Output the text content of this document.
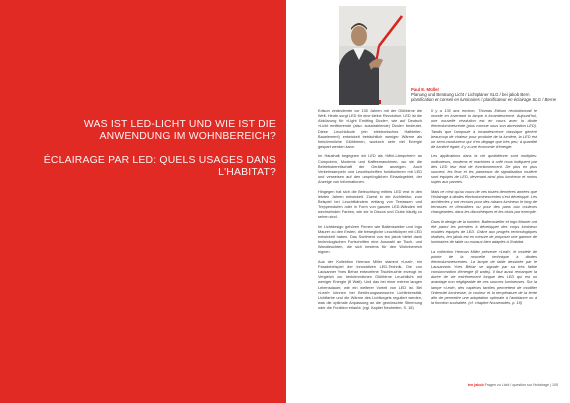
WAS IST LED-LICHT UND WIE IST DIE ANWENDUNG IM WOHNBEREICH?
ÉCLAIRAGE PAR LED: QUELS USAGES DANS L'HABITAT?
Paul E. Müller
Planung und Beratung Licht / Lichtplaner SLG / bei jakob Bern
planification et conseil en luminaires / planificateur en éclairage SLG / Berne

Edison verändernte vor 130 Jahren mit der Glühbirne die Welt. Heute sorgt LED für eine kleine Revolution. LED ist die Abkürzung für «Light Emitting Diode», wie auf Deutsch «Licht emittierende (also: ausstrahlende) Diode» bedeutet. Diese Leuchtdiode (ein elektronisches Halbleiter-Bauelement) entwickelt beträchtlich weniger Wärme als herkömmliche Glühbirnen, wodurch sehr viel Energie gespart werden kann.

Im Haushalt begegnen wir LED als «Mini-Lämpchen» an Computern, Modems und Kaffeemaschinen, wo sie die Betriebsbereitschaft der Geräte anzeigen. Auch Verkehrsampeln und Leuchtschriften funktionieren mit LED und verweisen auf den ursprünglichen Einsatzgebiet, der Anzeige von Informationen.

Hingegen hat sich die Beleuchtung mittels LED erst in den letzten Jahren entwickelt. Zuerst in der Architektur, zum Beispiel bei Leuchtbändern entlang von Terrassen und Treppenstufen oder in Form von ganzen LED-Wänden mit wechselnden Farben, wie sie in Discos und Clubs häufig zu sehen sind.

Im Lichtdesign gehören Firmen wie Baltensweiler und Ingo Maurer zu den Ersten, die bewegliche Leuchtkörper mit LED entwickelt haben. Das Sortiment von ten jakob bietet dank technologischen Fortschritten eine Auswahl an Tisch- und Wandleuchten, die sich bestens für den Wohnbereich eignen.

Aus der Kollektion Herman Miller stammt «Leaf», ein Paradebeispiel der innovativen LED-Technik. Die von Lausanner Yves Béhar entworfene Tischleuchte erzeugt im Vergleich zur herkömmlichen Glühbirne Leuchtlicht mit weniger Energie (8 Watt). Und das bei einer extrem langen Lebensdauer, wie ein weiterer Vorteil von LED ist. Bei «Leaf» können bei Berührungssensoren Lichtintensität, Lichtfarbe und die Wärme des Lichtkegels reguliert werden, was die optimale Anpassung an die gewünschte Stimmung oder die Funktion erlaubt. (vgl. Kapitel Neuheiten, S. 18)

Il y a 130 ans environ, Thomas Edison révolutionnait le monde en inventant la lampe à incandescence. Aujourd'hui, une nouvelle révolution est en cours avec la diode électroluminescente (plus connue sous son abréviation LED). Tandis que l'ampoule à incandescence classique génère beaucoup de chaleur pour produire de la lumière, la LED est un semi-conducteur qui n'en dégage que très peu; à quantité de lumière égale, il y a une économie d'énergie.

Les applications dans la vie quotidienne sont multiples: ordinateurs, modems et machines à café nous indiquent par des LED leur état de fonctionnement. De plus en plus souvent, les feux et les panneaux de signalisation routière sont équipés de LED, devenant ainsi plus lumineux et moins sujets aux pannes.

Mais ce n'est qu'au cours de ces toutes dernières années que l'éclairage à diodes électroluminescentes s'est développé. Les architectes y ont recours pour des rubans lumineux le long de terrasses et d'escaliers ou pour des pans aux couleurs changeantes, dans les discothèques et les clubs par exemple.

Dans le design de la lumière, Baltensweiler et Ingo Maurer ont été parmi les premiers à développer des corps lumineux mobiles équipés de LED. Grâce aux progrès technologiques réalisés, ten jakob est en mesure de proposer une gamme de luminaires de table ou muraux bien adaptés à l'habitat.

La collection Herman Miller présente «Leaf», le modèle de pointe de la nouvelle technique à diodes électroluminescentes. La lampe de table dessinée par le Lausannois Yves Béhar se signale par sa très faible consommation d'énergie (8 watts). Il faut aussi remarquer la durée de vie extrêmement longue des LED qui est un avantage non négligeable de ces sources lumineuses. Sur la lampe «Leaf», des capteurs tactiles permettent de modifier l'intensité lumineuse, la couleur et la température de la lente afin de permettre une adaptation optimale à l'ambiance ou à la fonction souhaitée. (cf. chapitre Nouveautés, p. 18)

ten jakob Fragen zu Licht / question sur l'éclairage | 105
